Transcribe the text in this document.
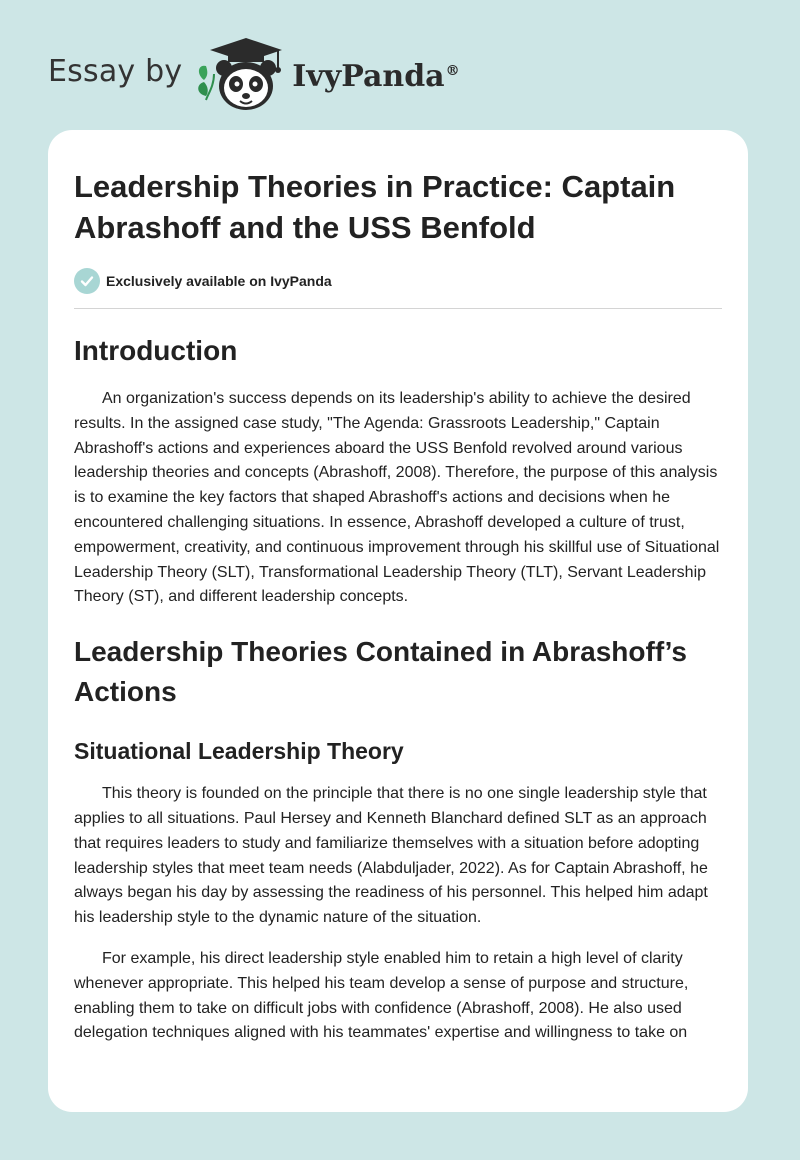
Essay by	IvyPanda®
Leadership Theories in Practice: Captain Abrashoff and the USS Benfold
Exclusively available on IvyPanda
Introduction

An organization's success depends on its leadership's ability to achieve the desired results. In the assigned case study, "The Agenda: Grassroots Leadership," Captain Abrashoff's actions and experiences aboard the USS Benfold revolved around various leadership theories and concepts (Abrashoff, 2008). Therefore, the purpose of this analysis is to examine the key factors that shaped Abrashoff's actions and decisions when he encountered challenging situations. In essence, Abrashoff developed a culture of trust, empowerment, creativity, and continuous improvement through his skillful use of Situational Leadership Theory (SLT), Transformational Leadership Theory (TLT), Servant Leadership Theory (ST), and different leadership concepts.

Leadership Theories Contained in Abrashoff’s Actions
Situational Leadership Theory

This theory is founded on the principle that there is no one single leadership style that applies to all situations. Paul Hersey and Kenneth Blanchard defined SLT as an approach that requires leaders to study and familiarize themselves with a situation before adopting leadership styles that meet team needs (Alabduljader, 2022). As for Captain Abrashoff, he always began his day by assessing the readiness of his personnel. This helped him adapt his leadership style to the dynamic nature of the situation.

For example, his direct leadership style enabled him to retain a high level of clarity whenever appropriate. This helped his team develop a sense of purpose and structure, enabling them to take on difficult jobs with confidence (Abrashoff, 2008). He also used delegation techniques aligned with his teammates' expertise and willingness to take on
